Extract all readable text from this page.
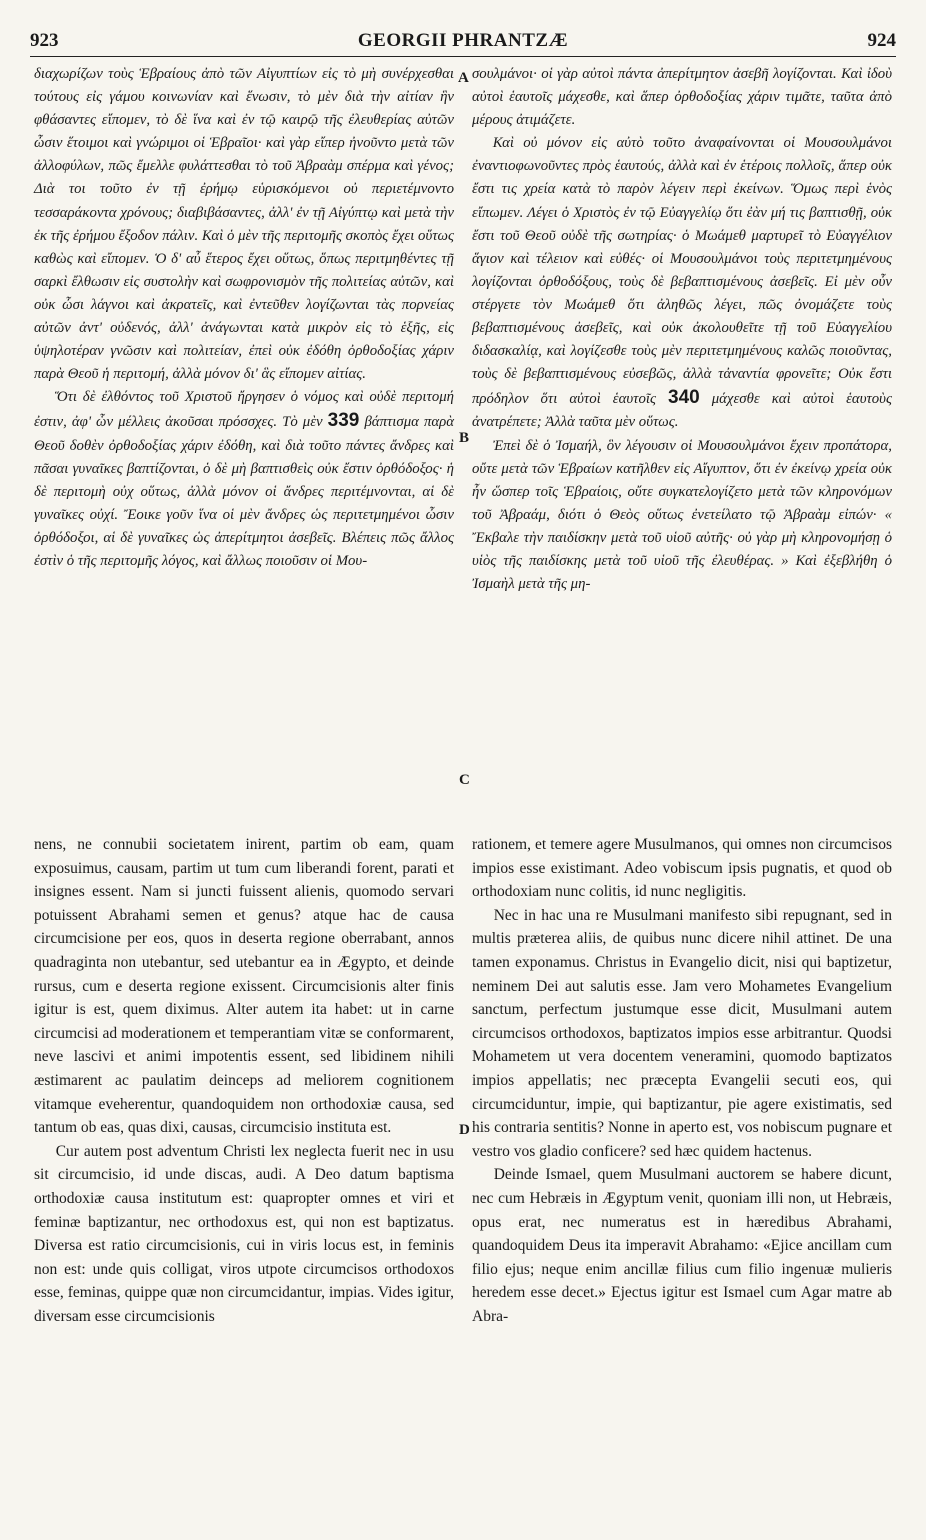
923	GEORGII PHRANTZÆ	924

διαχωρίζων τοὺς Ἑβραίους ἀπὸ τῶν Αἰγυπτίων εἰς τὸ μὴ συνέρχεσθαι τούτους εἰς γάμου κοινωνίαν καὶ ἕνωσιν, τὸ μὲν διὰ τὴν αἰτίαν ἣν φθάσαντες εἴπομεν, τὸ δὲ ἵνα καὶ ἐν τῷ καιρῷ τῆς ἐλευθερίας αὐτῶν ὦσιν ἕτοιμοι καὶ γνώριμοι οἱ Ἑβραῖοι· καὶ γὰρ εἴπερ ἠνοῦντο μετὰ τῶν ἀλλοφύλων, πῶς ἔμελλε φυλάττεσθαι τὸ τοῦ Ἀβραὰμ σπέρμα καὶ γένος; Διὰ τοι τοῦτο ἐν τῇ ἐρήμῳ εὑρισκόμενοι οὐ περιετέμνοντο τεσσαράκοντα χρόνους; διαβιβάσαντες, ἀλλ' ἐν τῇ Αἰγύπτῳ καὶ μετὰ τὴν ἐκ τῆς ἐρήμου ἔξοδον πάλιν. Καὶ ὁ μὲν τῆς περιτομῆς σκοπὸς ἔχει οὕτως καθὼς καὶ εἴπομεν. Ὁ δ' αὖ ἕτερος ἔχει οὕτως, ὅπως περιτμηθέντες τῇ σαρκὶ ἔλθωσιν εἰς συστολὴν καὶ σωφρονισμὸν τῆς πολιτείας αὐτῶν, καὶ οὐκ ὦσι λάγνοι καὶ ἀκρατεῖς, καὶ ἐντεῦθεν λογίζωνται τὰς πορνείας αὐτῶν ἀντ' οὐδενός, ἀλλ' ἀνάγωνται κατὰ μικρὸν εἰς τὸ ἑξῆς, εἰς ὑψηλοτέραν γνῶσιν καὶ πολιτείαν, ἐπεὶ οὐκ ἐδόθη ὀρθοδοξίας χάριν παρὰ Θεοῦ ἡ περιτομή, ἀλλὰ μόνον δι' ἃς εἴπομεν αἰτίας.

Ὅτι δὲ ἐλθόντος τοῦ Χριστοῦ ἤργησεν ὁ νόμος καὶ οὐδὲ περιτομή ἐστιν, ἀφ' ὧν μέλλεις ἀκοῦσαι πρόσσχες. Τὸ μὲν 339 βάπτισμα παρὰ Θεοῦ δοθὲν ὀρθοδοξίας χάριν ἐδόθη, καὶ διὰ τοῦτο πάντες ἄνδρες καὶ πᾶσαι γυναῖκες βαπτίζονται, ὁ δὲ μὴ βαπτισθεὶς οὐκ ἔστιν ὀρθόδοξος· ἡ δὲ περιτομὴ οὐχ οὕτως, ἀλλὰ μόνον οἱ ἄνδρες περιτέμνονται, αἱ δὲ γυναῖκες οὐχί. Ἔοικε γοῦν ἵνα οἱ μὲν ἄνδρες ὡς περιτετμημένοι ὦσιν ὀρθόδοξοι, αἱ δὲ γυναῖκες ὡς ἀπερίτμητοι ἀσεβεῖς. Βλέπεις πῶς ἄλλος ἐστὶν ὁ τῆς περιτομῆς λόγος, καὶ ἄλλως ποιοῦσιν οἱ Μου-

σουλμάνοι· οἱ γὰρ αὐτοὶ πάντα ἀπερίτμητον ἀσεβῆ λογίζονται. Καὶ ἰδοὺ αὐτοὶ ἑαυτοῖς μάχεσθε, καὶ ἅπερ ὀρθοδοξίας χάριν τιμᾶτε, ταῦτα ἀπὸ μέρους ἀτιμάζετε.

Καὶ οὐ μόνον εἰς αὐτὸ τοῦτο ἀναφαίνονται οἱ Μουσουλμάνοι ἐναντιοφωνοῦντες πρὸς ἑαυτούς, ἀλλὰ καὶ ἐν ἑτέροις πολλοῖς, ἅπερ οὐκ ἔστι τις χρεία κατὰ τὸ παρὸν λέγειν περὶ ἐκείνων. Ὅμως περὶ ἑνὸς εἴπωμεν. Λέγει ὁ Χριστὸς ἐν τῷ Εὐαγγελίῳ ὅτι ἐὰν μή τις βαπτισθῇ, οὐκ ἔστι τοῦ Θεοῦ οὐδὲ τῆς σωτηρίας· ὁ Μωάμεθ μαρτυρεῖ τὸ Εὐαγγέλιον ἅγιον καὶ τέλειον καὶ εὐθές· οἱ Μουσουλμάνοι τοὺς περιτετμημένους λογίζονται ὀρθοδόξους, τοὺς δὲ βεβαπτισμένους ἀσεβεῖς. Εἰ μὲν οὖν στέργετε τὸν Μωάμεθ ὅτι ἀληθῶς λέγει, πῶς ὀνομάζετε τοὺς βεβαπτισμένους ἀσεβεῖς, καὶ οὐκ ἀκολουθεῖτε τῇ τοῦ Εὐαγγελίου διδασκαλίᾳ, καὶ λογίζεσθε τοὺς μὲν περιτετμημένους καλῶς ποιοῦντας, τοὺς δὲ βεβαπτισμένους εὐσεβῶς, ἀλλὰ τἀναντία φρονεῖτε; Οὐκ ἔστι πρόδηλον ὅτι αὐτοὶ ἑαυτοῖς 340 μάχεσθε καὶ αὐτοὶ ἑαυτοὺς ἀνατρέπετε; Ἀλλὰ ταῦτα μὲν οὕτως.

Ἐπεὶ δὲ ὁ Ἰσμαήλ, ὃν λέγουσιν οἱ Μουσουλμάνοι ἔχειν προπάτορα, οὔτε μετὰ τῶν Ἑβραίων κατῆλθεν εἰς Αἴγυπτον, ὅτι ἐν ἐκείνῳ χρεία οὐκ ἦν ὥσπερ τοῖς Ἑβραίοις, οὔτε συγκατελογίζετο μετὰ τῶν κληρονόμων τοῦ Ἀβραάμ, διότι ὁ Θεὸς οὕτως ἐνετείλατο τῷ Ἀβραὰμ εἰπών· « Ἔκβαλε τὴν παιδίσκην μετὰ τοῦ υἱοῦ αὐτῆς· οὐ γὰρ μὴ κληρονομήσῃ ὁ υἱὸς τῆς παιδίσκης μετὰ τοῦ υἱοῦ τῆς ἐλευθέρας. » Καὶ ἐξεβλήθη ὁ Ἰσμαὴλ μετὰ τῆς μη-

A
B
C
D

nens, ne connubii societatem inirent, partim ob eam, quam exposuimus, causam, partim ut tum cum liberandi forent, parati et insignes essent. Nam si juncti fuissent alienis, quomodo servari potuissent Abrahami semen et genus? atque hac de causa circumcisione per eos, quos in deserta regione oberrabant, annos quadraginta non utebantur, sed utebantur ea in Ægypto, et deinde rursus, cum e deserta regione exissent. Circumcisionis alter finis igitur is est, quem diximus. Alter autem ita habet: ut in carne circumcisi ad moderationem et temperantiam vitæ se conformarent, neve lascivi et animi impotentis essent, sed libidinem nihili æstimarent ac paulatim deinceps ad meliorem cognitionem vitamque eveherentur, quandoquidem non orthodoxiæ causa, sed tantum ob eas, quas dixi, causas, circumcisio instituta est.

Cur autem post adventum Christi lex neglecta fuerit nec in usu sit circumcisio, id unde discas, audi. A Deo datum baptisma orthodoxiæ causa institutum est: quapropter omnes et viri et feminæ baptizantur, nec orthodoxus est, qui non est baptizatus. Diversa est ratio circumcisionis, cui in viris locus est, in feminis non est: unde quis colligat, viros utpote circumcisos orthodoxos esse, feminas, quippe quæ non circumcidantur, impias. Vides igitur, diversam esse circumcisionis

rationem, et temere agere Musulmanos, qui omnes non circumcisos impios esse existimant. Adeo vobiscum ipsis pugnatis, et quod ob orthodoxiam nunc colitis, id nunc negligitis.

Nec in hac una re Musulmani manifesto sibi repugnant, sed in multis præterea aliis, de quibus nunc dicere nihil attinet. De una tamen exponamus. Christus in Evangelio dicit, nisi qui baptizetur, neminem Dei aut salutis esse. Jam vero Mohametes Evangelium sanctum, perfectum justumque esse dicit, Musulmani autem circumcisos orthodoxos, baptizatos impios esse arbitrantur. Quodsi Mohametem ut vera docentem veneramini, quomodo baptizatos impios appellatis; nec præcepta Evangelii secuti eos, qui circumciduntur, impie, qui baptizantur, pie agere existimatis, sed his contraria sentitis? Nonne in aperto est, vos nobiscum pugnare et vestro vos gladio conficere? sed hæc quidem hactenus.

Deinde Ismael, quem Musulmani auctorem se habere dicunt, nec cum Hebræis in Ægyptum venit, quoniam illi non, ut Hebræis, opus erat, nec numeratus est in hæredibus Abrahami, quandoquidem Deus ita imperavit Abrahamo: «Ejice ancillam cum filio ejus; neque enim ancillæ filius cum filio ingenuæ mulieris heredem esse decet.» Ejectus igitur est Ismael cum Agar matre ab Abra-
